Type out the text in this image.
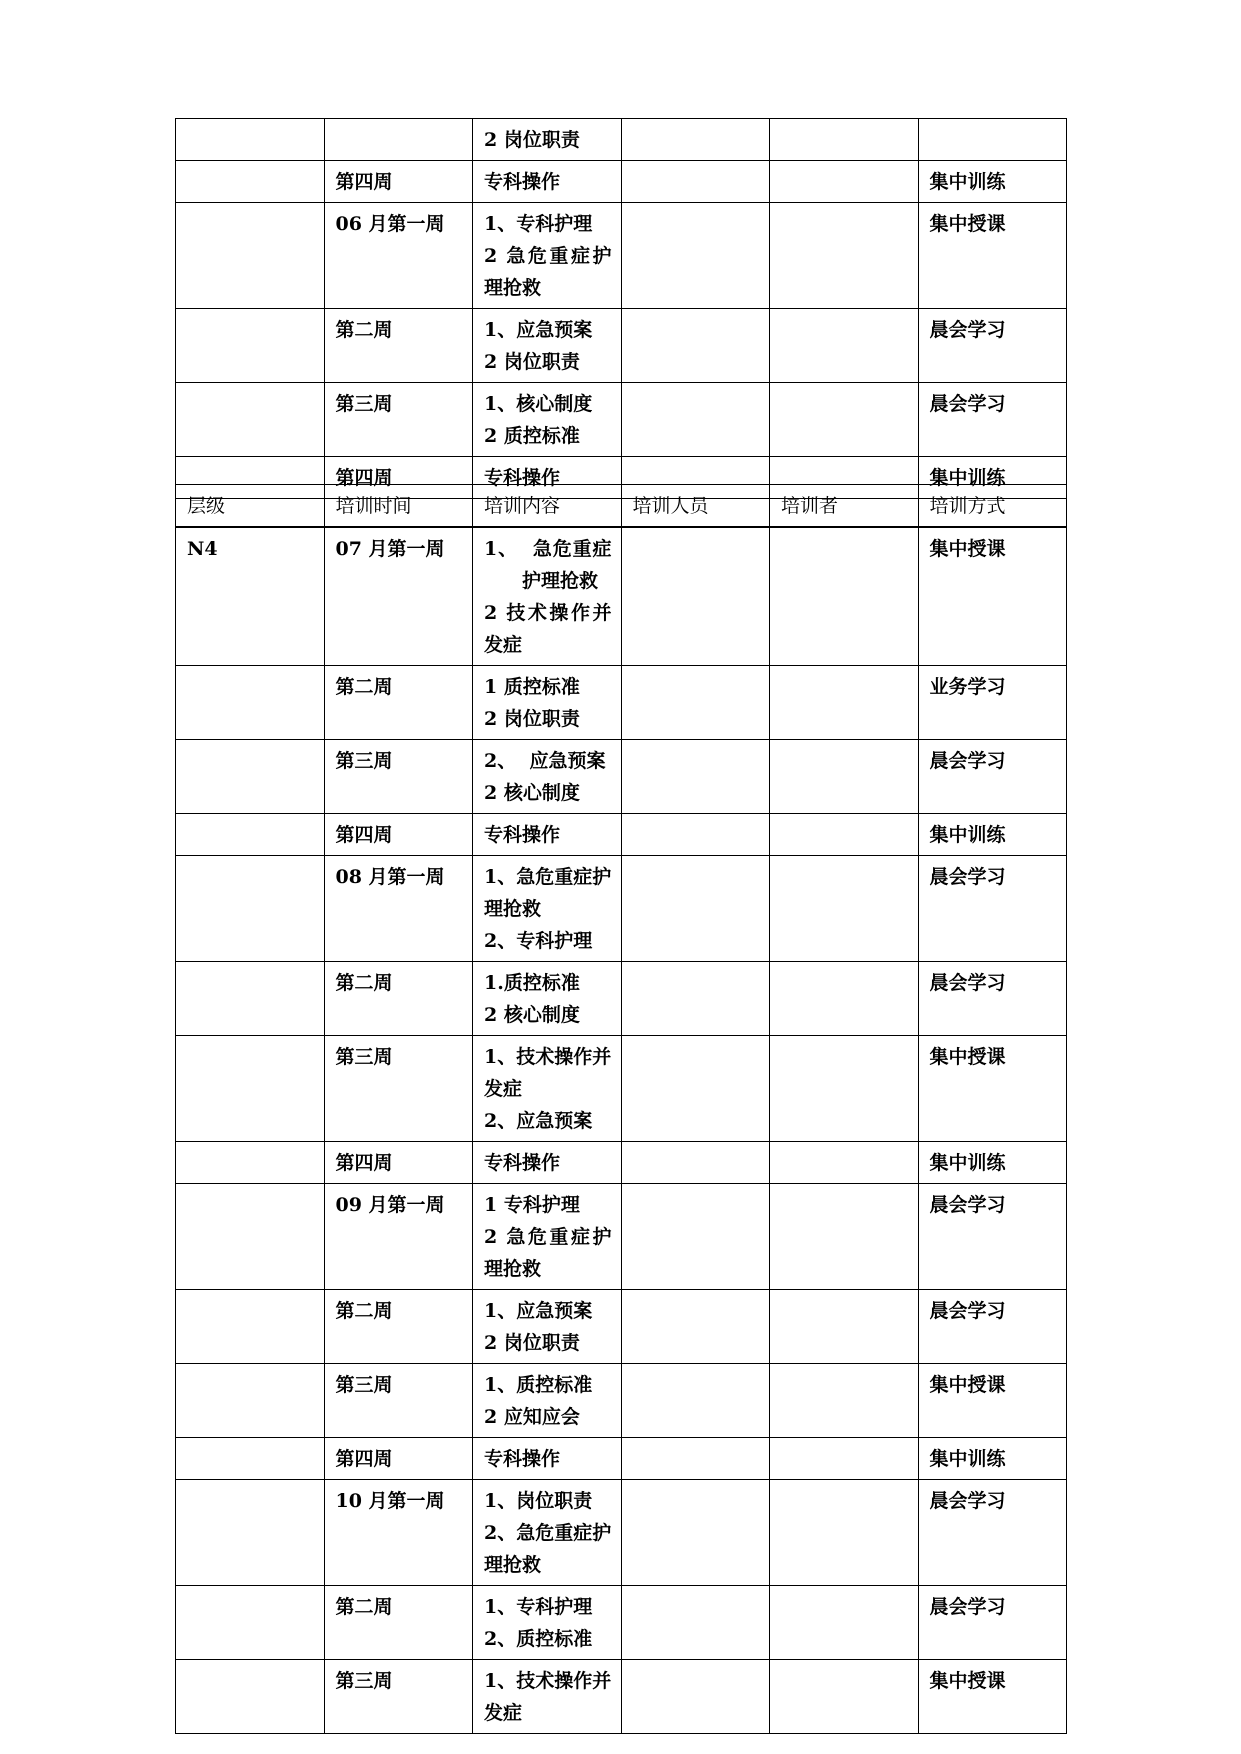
		2 岗位职责			

	第四周	专科操作			集中训练
	06 月第一周	1、专科护理
2 急危重症护
理抢救			集中授课
	第二周	1、应急预案
2 岗位职责			晨会学习
	第三周	1、核心制度
2 质控标准			晨会学习
	第四周	专科操作			集中训练
层级	培训时间	培训内容	培训人员	培训者	培训方式
N4	07 月第一周	1、  急危重症
护理抢救
2 技术操作并
发症			集中授课
	第二周	1 质控标准
2 岗位职责			业务学习
	第三周	2、  应急预案
2 核心制度			晨会学习
	第四周	专科操作			集中训练
	08 月第一周	1、急危重症护
理抢救
2、专科护理			晨会学习
	第二周	1.质控标准
2 核心制度			晨会学习
	第三周	1、技术操作并
发症
2、应急预案			集中授课
	第四周	专科操作			集中训练
	09 月第一周	1 专科护理
2 急危重症护
理抢救			晨会学习
	第二周	1、应急预案
2 岗位职责			晨会学习
	第三周	1、质控标准
2 应知应会			集中授课
	第四周	专科操作			集中训练
	10 月第一周	1、岗位职责
2、急危重症护
理抢救			晨会学习
	第二周	1、专科护理
2、质控标准			晨会学习
	第三周	1、技术操作并
发症			集中授课
